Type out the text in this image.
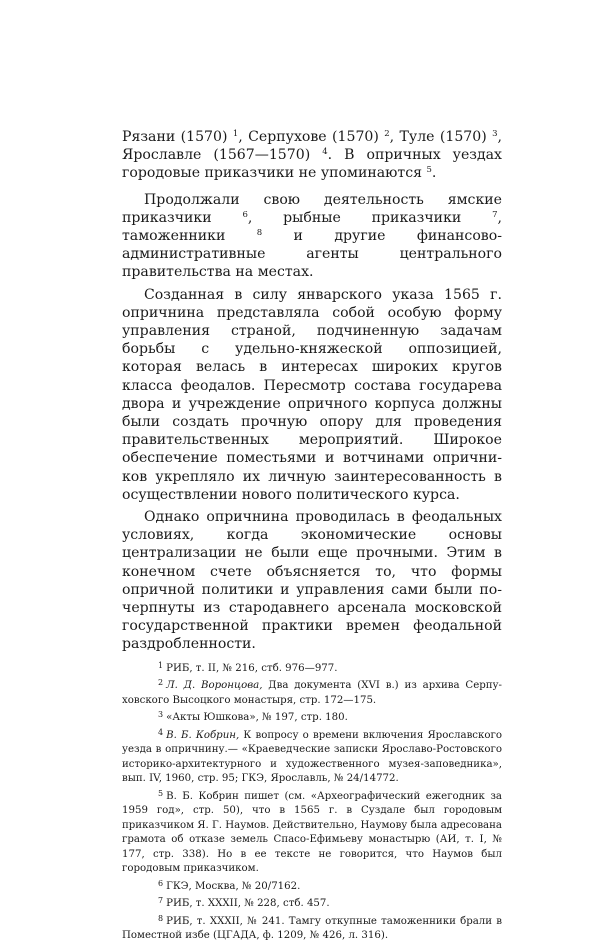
Рязани (1570) $^1$, Серпухове (1570) $^2$, Туле (1570) $^3$, Ярославле (1567—1570) $^4$. В опричных уездах городовые приказчики не упоминаются $^5$.

Продолжали свою деятельность ямские приказчики $^6$, рыбные приказчики $^7$, таможенники $^8$ и другие финансово-административные агенты центрального правительства на местах.

Созданная в силу январского указа 1565 г. опричнина представляла собой особую форму управления страной, подчиненную задачам борьбы с удельно-княжеской оппозицией, которая велась в интересах широких кругов класса феодалов. Пересмотр состава государева двора и учреждение опричного корпуса должны были создать прочную опору для проведения правительственных мероприятий. Широкое обеспечение поместьями и вотчинами опричников укрепляло их личную заинтересованность в осуществлении нового политического курса.

Однако опричнина проводилась в феодальных условиях, когда экономические основы централизации не были еще прочными. Этим в конечном счете объясняется то, что формы опричной политики и управления сами были почерпнуты из стародавнего арсенала московской государственной практики времен феодальной раздробленности.

1 РИБ, т. II, № 216, стб. 976—977.

2 Л. Д. Воронцова, Два документа (XVI в.) из архива Серпуховского Высоцкого монастыря, стр. 172—175.

3 «Акты Юшкова», № 197, стр. 180.

4 В. Б. Кобрин, К вопросу о времени включения Ярославского уезда в опричнину.— «Краеведческие записки Ярославо-Ростовского историко-архитектурного и художественного музея-заповедника», вып. IV, 1960, стр. 95; ГКЭ, Ярославль, № 24/14772.

5 В. Б. Кобрин пишет (см. «Археографический ежегодник за 1959 год», стр. 50), что в 1565 г. в Суздале был городовым приказчиком Я. Г. Наумов. Действительно, Наумову была адресована грамота об отказе земель Спасо-Ефимьеву монастырю (АИ, т. I, № 177, стр. 338). Но в ее тексте не говорится, что Наумов был городовым приказчиком.

6 ГКЭ, Москва, № 20/7162.

7 РИБ, т. XXXII, № 228, стб. 457.

8 РИБ, т. XXXII, № 241. Тамгу откупные таможенники брали в Поместной избе (ЦГАДА, ф. 1209, № 426, л. 316).
